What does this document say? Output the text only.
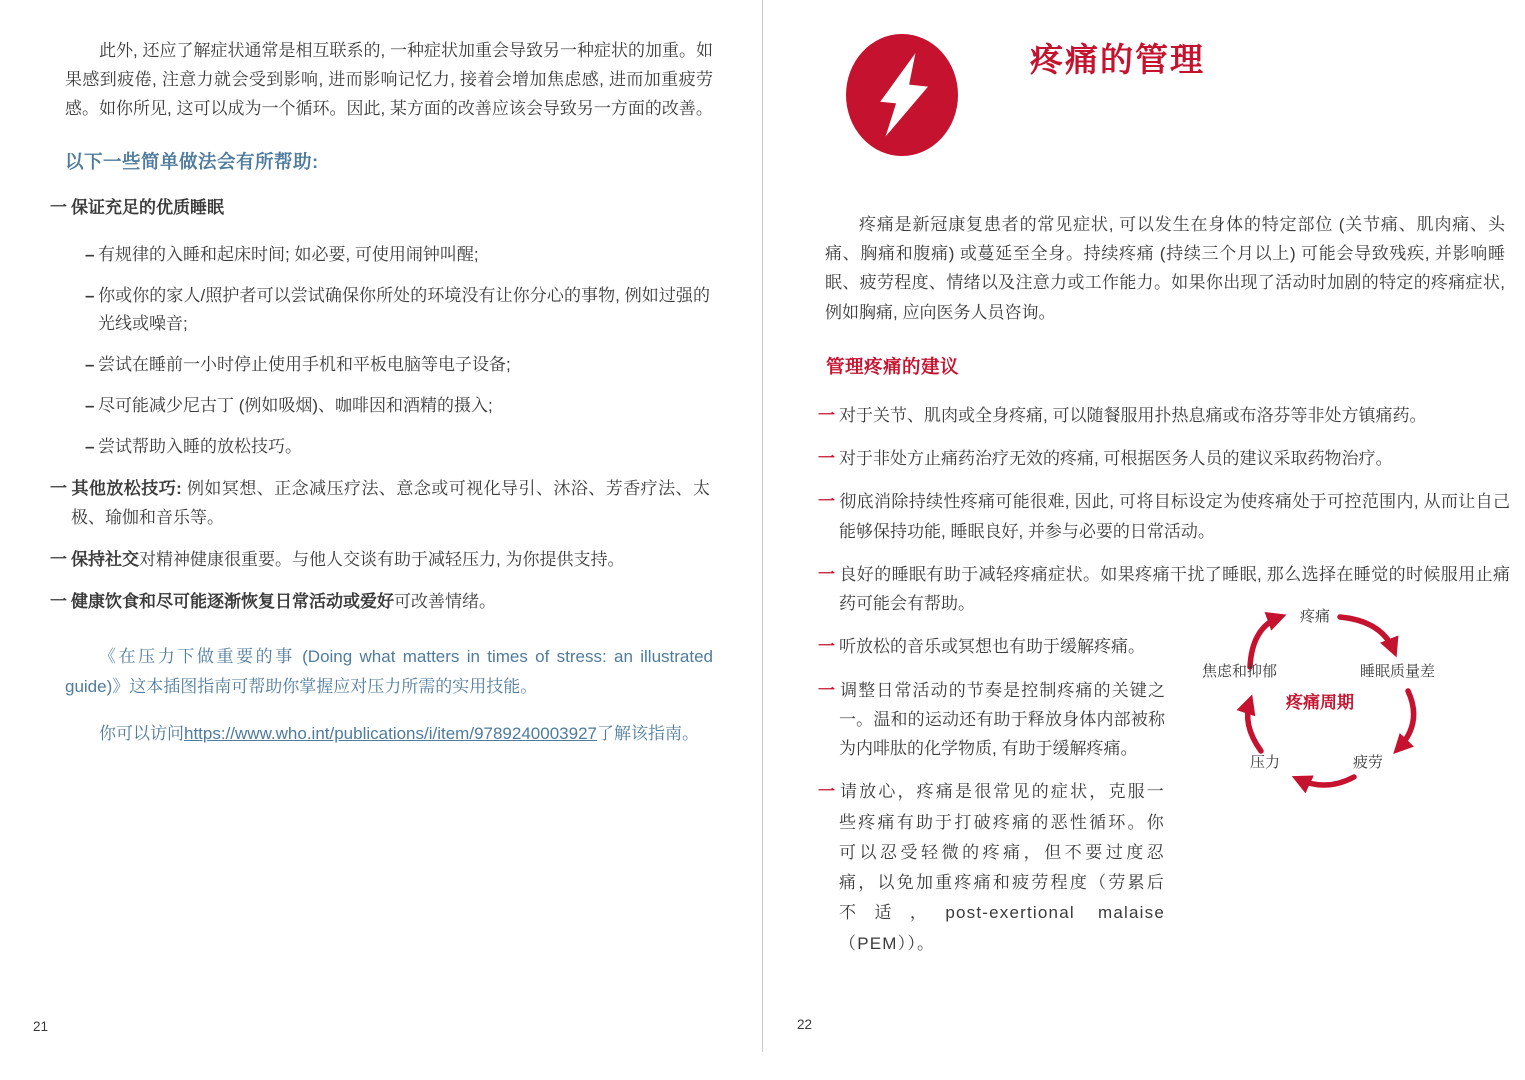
此外, 还应了解症状通常是相互联系的, 一种症状加重会导致另一种症状的加重。如果感到疲倦, 注意力就会受到影响, 进而影响记忆力, 接着会增加焦虑感, 进而加重疲劳感。如你所见, 这可以成为一个循环。因此, 某方面的改善应该会导致另一方面的改善。

以下一些简单做法会有所帮助:
一 保证充足的优质睡眠

– 有规律的入睡和起床时间; 如必要, 可使用闹钟叫醒;

– 你或你的家人/照护者可以尝试确保你所处的环境没有让你分心的事物, 例如过强的光线或噪音;

– 尝试在睡前一小时停止使用手机和平板电脑等电子设备;

– 尽可能减少尼古丁 (例如吸烟)、咖啡因和酒精的摄入;

– 尝试帮助入睡的放松技巧。

一 其他放松技巧: 例如冥想、正念减压疗法、意念或可视化导引、沐浴、芳香疗法、太极、瑜伽和音乐等。
一 保持社交对精神健康很重要。与他人交谈有助于减轻压力, 为你提供支持。
一 健康饮食和尽可能逐渐恢复日常活动或爱好可改善情绪。

《在压力下做重要的事 (Doing what matters in times of stress: an illustrated guide)》这本插图指南可帮助你掌握应对压力所需的实用技能。

你可以访问https://www.who.int/publications/i/item/9789240003927了解该指南。

疼痛的管理

疼痛是新冠康复患者的常见症状, 可以发生在身体的特定部位 (关节痛、肌肉痛、头痛、胸痛和腹痛) 或蔓延至全身。持续疼痛 (持续三个月以上) 可能会导致残疾, 并影响睡眠、疲劳程度、情绪以及注意力或工作能力。如果你出现了活动时加剧的特定的疼痛症状, 例如胸痛, 应向医务人员咨询。

管理疼痛的建议
一 对于关节、肌肉或全身疼痛, 可以随餐服用扑热息痛或布洛芬等非处方镇痛药。
一 对于非处方止痛药治疗无效的疼痛, 可根据医务人员的建议采取药物治疗。
一 彻底消除持续性疼痛可能很难, 因此, 可将目标设定为使疼痛处于可控范围内, 从而让自己能够保持功能, 睡眠良好, 并参与必要的日常活动。
一 良好的睡眠有助于减轻疼痛症状。如果疼痛干扰了睡眠, 那么选择在睡觉的时候服用止痛药可能会有帮助。
一 听放松的音乐或冥想也有助于缓解疼痛。
一 调整日常活动的节奏是控制疼痛的关键之一。温和的运动还有助于释放身体内部被称为内啡肽的化学物质, 有助于缓解疼痛。
一 请放心，疼痛是很常见的症状，克服一些疼痛有助于打破疼痛的恶性循环。你可以忍受轻微的疼痛，但不要过度忍痛，以免加重疼痛和疲劳程度（劳累后不适，post-exertional malaise（PEM））。
疼痛
睡眠质量差
疲劳
压力
焦虑和抑郁
疼痛周期
21	22
